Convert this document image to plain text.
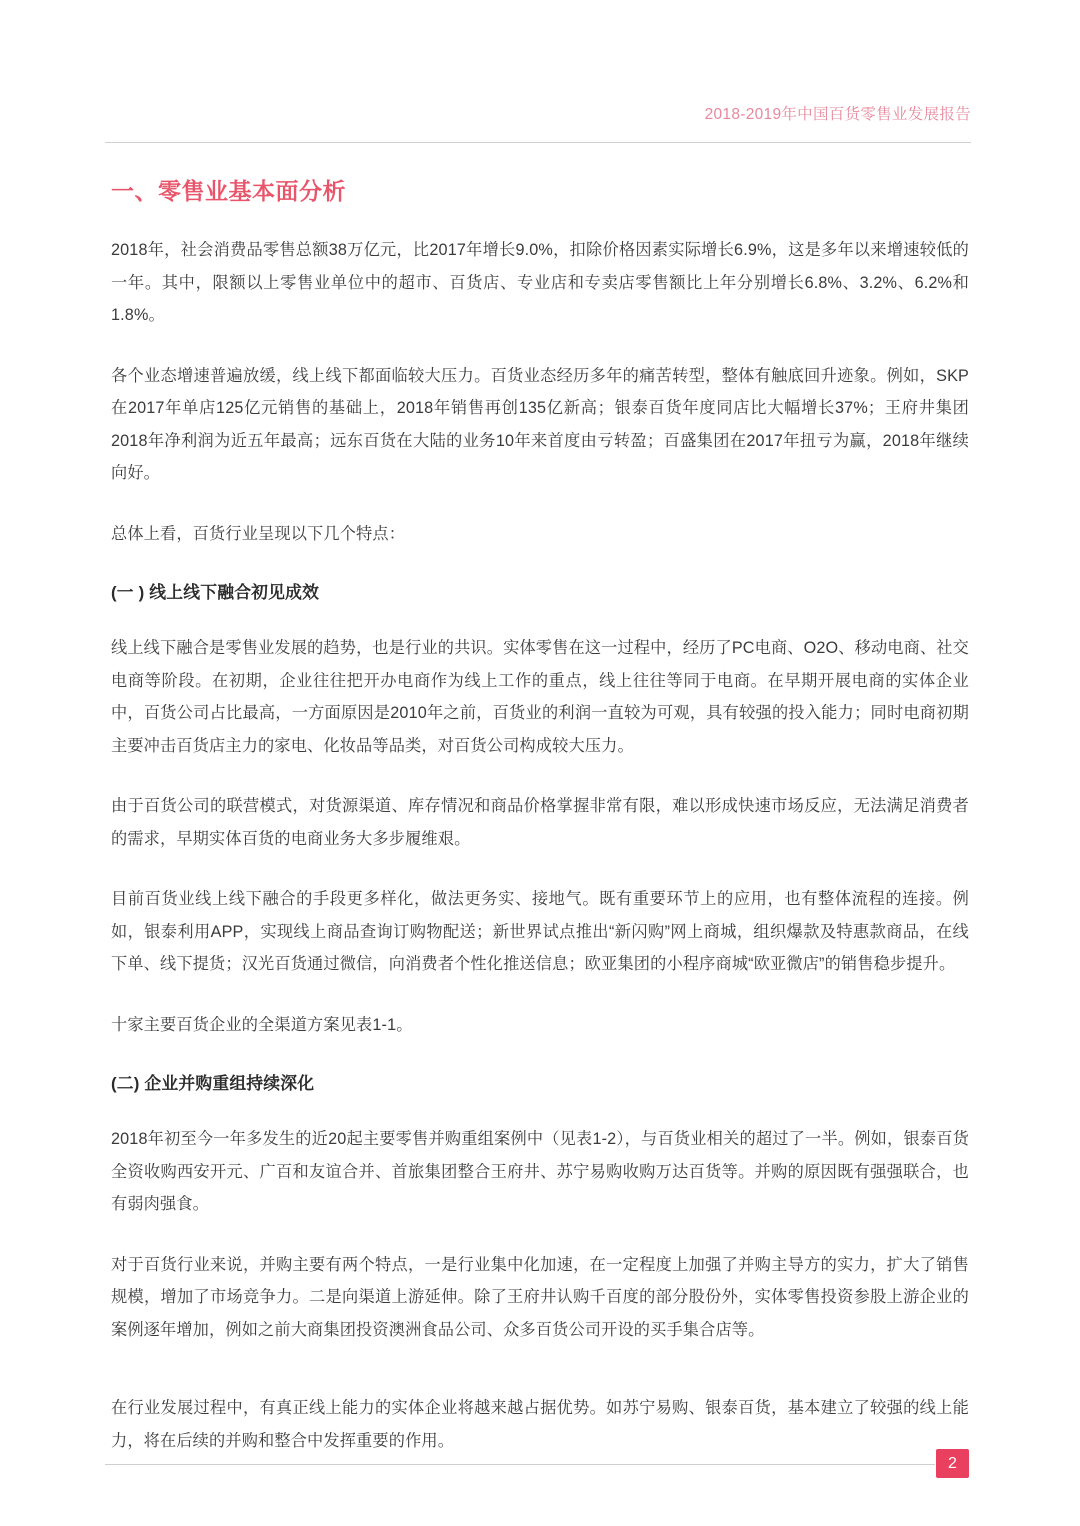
2018-2019年中国百货零售业发展报告
一、零售业基本面分析

2018年，社会消费品零售总额38万亿元，比2017年增长9.0%，扣除价格因素实际增长6.9%，这是多年以来增速较低的一年。其中，限额以上零售业单位中的超市、百货店、专业店和专卖店零售额比上年分别增长6.8%、3.2%、6.2%和1.8%。

各个业态增速普遍放缓，线上线下都面临较大压力。百货业态经历多年的痛苦转型，整体有触底回升迹象。例如，SKP在2017年单店125亿元销售的基础上，2018年销售再创135亿新高；银泰百货年度同店比大幅增长37%；王府井集团2018年净利润为近五年最高；远东百货在大陆的业务10年来首度由亏转盈；百盛集团在2017年扭亏为赢，2018年继续向好。

总体上看，百货行业呈现以下几个特点：

(一 ) 线上线下融合初见成效

线上线下融合是零售业发展的趋势，也是行业的共识。实体零售在这一过程中，经历了PC电商、O2O、移动电商、社交电商等阶段。在初期，企业往往把开办电商作为线上工作的重点，线上往往等同于电商。在早期开展电商的实体企业中，百货公司占比最高，一方面原因是2010年之前，百货业的利润一直较为可观，具有较强的投入能力；同时电商初期主要冲击百货店主力的家电、化妆品等品类，对百货公司构成较大压力。

由于百货公司的联营模式，对货源渠道、库存情况和商品价格掌握非常有限，难以形成快速市场反应，无法满足消费者的需求，早期实体百货的电商业务大多步履维艰。

目前百货业线上线下融合的手段更多样化，做法更务实、接地气。既有重要环节上的应用，也有整体流程的连接。例如，银泰利用APP，实现线上商品查询订购物配送；新世界试点推出“新闪购”网上商城，组织爆款及特惠款商品，在线下单、线下提货；汉光百货通过微信，向消费者个性化推送信息；欧亚集团的小程序商城“欧亚微店”的销售稳步提升。

十家主要百货企业的全渠道方案见表1-1。

(二) 企业并购重组持续深化

2018年初至今一年多发生的近20起主要零售并购重组案例中（见表1-2），与百货业相关的超过了一半。例如，银泰百货全资收购西安开元、广百和友谊合并、首旅集团整合王府井、苏宁易购收购万达百货等。并购的原因既有强强联合，也有弱肉强食。

对于百货行业来说，并购主要有两个特点，一是行业集中化加速，在一定程度上加强了并购主导方的实力，扩大了销售规模，增加了市场竞争力。二是向渠道上游延伸。除了王府井认购千百度的部分股份外，实体零售投资参股上游企业的案例逐年增加，例如之前大商集团投资澳洲食品公司、众多百货公司开设的买手集合店等。

在行业发展过程中，有真正线上能力的实体企业将越来越占据优势。如苏宁易购、银泰百货，基本建立了较强的线上能力，将在后续的并购和整合中发挥重要的作用。

2
